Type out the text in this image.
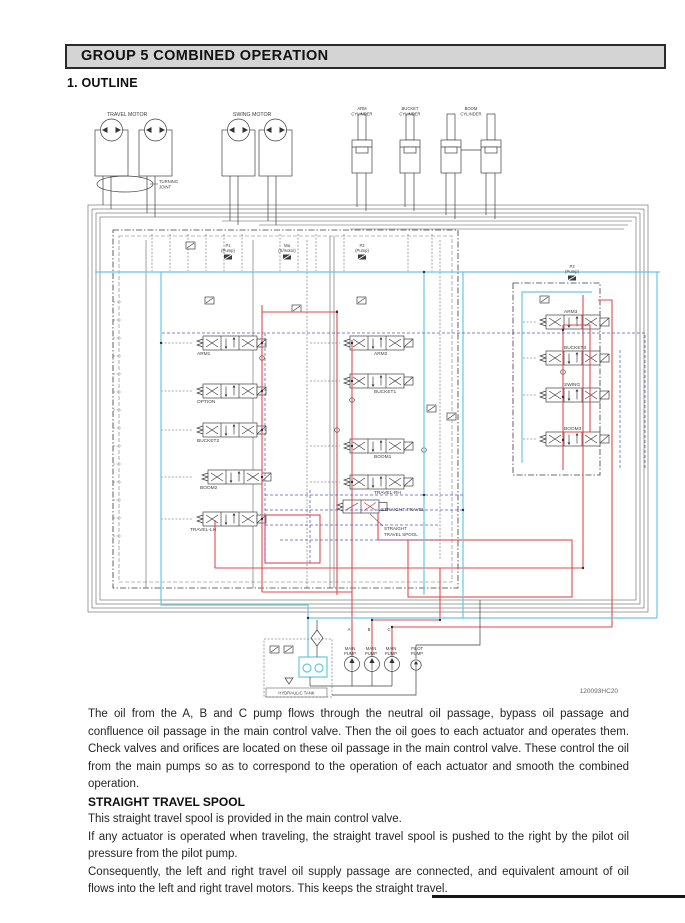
GROUP 5 COMBINED OPERATION
1. OUTLINE
TRAVEL MOTOR
TURNING
JOINT
SWING MOTOR
ARM
CYLINDER
BUCKET
CYLINDER
BOOM
CYLINDER
P1
(Pump)
Ma
(S/motor)
P2
(Pump)
P3
(Pump)
ARM1
OPTION
BUCKET2
BOOM2
TRAVEL-LH
ARM2
BUCKET1
BOOM1
TRAVEL-RH
STRAIGHT TRAVEL
ARM3
BUCKET3
SWING
BOOM3
STRAIGHT
TRAVEL SPOOL
A	B	C
MAIN
PUMP
MAIN
PUMP
MAIN
PUMP
PILOT
PUMP
HYDRAULIC TANK	120093HC20

The oil from the A, B and C pump flows through the neutral oil passage, bypass oil passage and confluence oil passage in the main control valve. Then the oil goes to each actuator and operates them. Check valves and orifices are located on these oil passage in the main control valve. These control the oil from the main pumps so as to correspond to the operation of each actuator and smooth the combined operation.

STRAIGHT TRAVEL SPOOL

This straight travel spool is provided in the main control valve.

If any actuator is operated when traveling, the straight travel spool is pushed to the right by the pilot oil pressure from the pilot pump.

Consequently, the left and right travel oil supply passage are connected, and equivalent amount of oil flows into the left and right travel motors. This keeps the straight travel.
